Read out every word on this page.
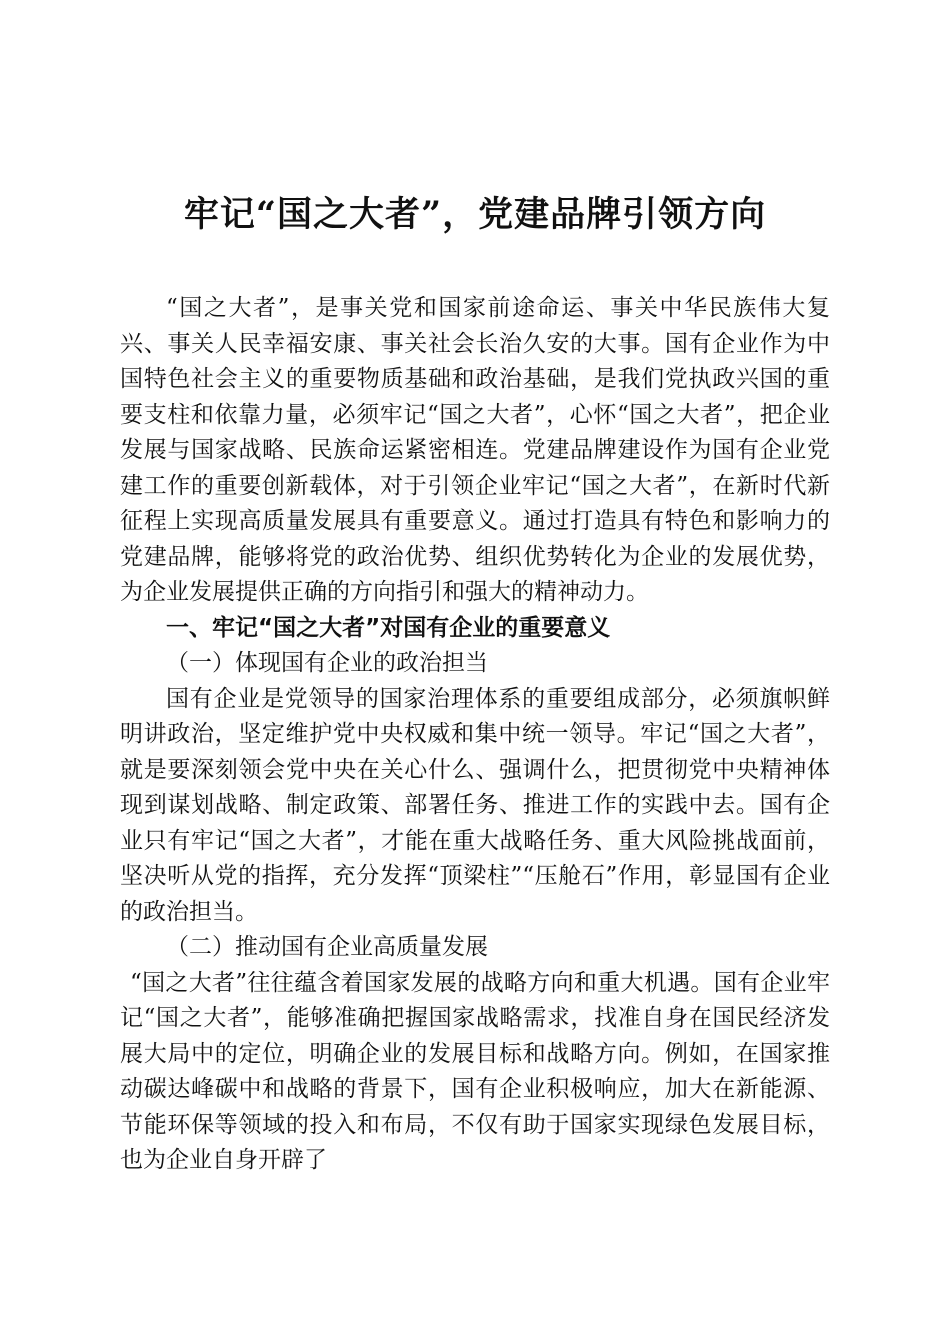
牢记“国之大者”，党建品牌引领方向

“国之大者”，是事关党和国家前途命运、事关中华民族伟大复兴、事关人民幸福安康、事关社会长治久安的大事。国有企业作为中国特色社会主义的重要物质基础和政治基础，是我们党执政兴国的重要支柱和依靠力量，必须牢记“国之大者”，心怀“国之大者”，把企业发展与国家战略、民族命运紧密相连。党建品牌建设作为国有企业党建工作的重要创新载体，对于引领企业牢记“国之大者”，在新时代新征程上实现高质量发展具有重要意义。通过打造具有特色和影响力的党建品牌，能够将党的政治优势、组织优势转化为企业的发展优势，为企业发展提供正确的方向指引和强大的精神动力。

一、牢记“国之大者”对国有企业的重要意义

（一）体现国有企业的政治担当

国有企业是党领导的国家治理体系的重要组成部分，必须旗帜鲜明讲政治，坚定维护党中央权威和集中统一领导。牢记“国之大者”，就是要深刻领会党中央在关心什么、强调什么，把贯彻党中央精神体现到谋划战略、制定政策、部署任务、推进工作的实践中去。国有企业只有牢记“国之大者”，才能在重大战略任务、重大风险挑战面前，坚决听从党的指挥，充分发挥“顶梁柱”“压舱石”作用，彰显国有企业的政治担当。

（二）推动国有企业高质量发展

“国之大者”往往蕴含着国家发展的战略方向和重大机遇。国有企业牢记“国之大者”，能够准确把握国家战略需求，找准自身在国民经济发展大局中的定位，明确企业的发展目标和战略方向。例如，在国家推动碳达峰碳中和战略的背景下，国有企业积极响应，加大在新能源、节能环保等领域的投入和布局，不仅有助于国家实现绿色发展目标，也为企业自身开辟了
